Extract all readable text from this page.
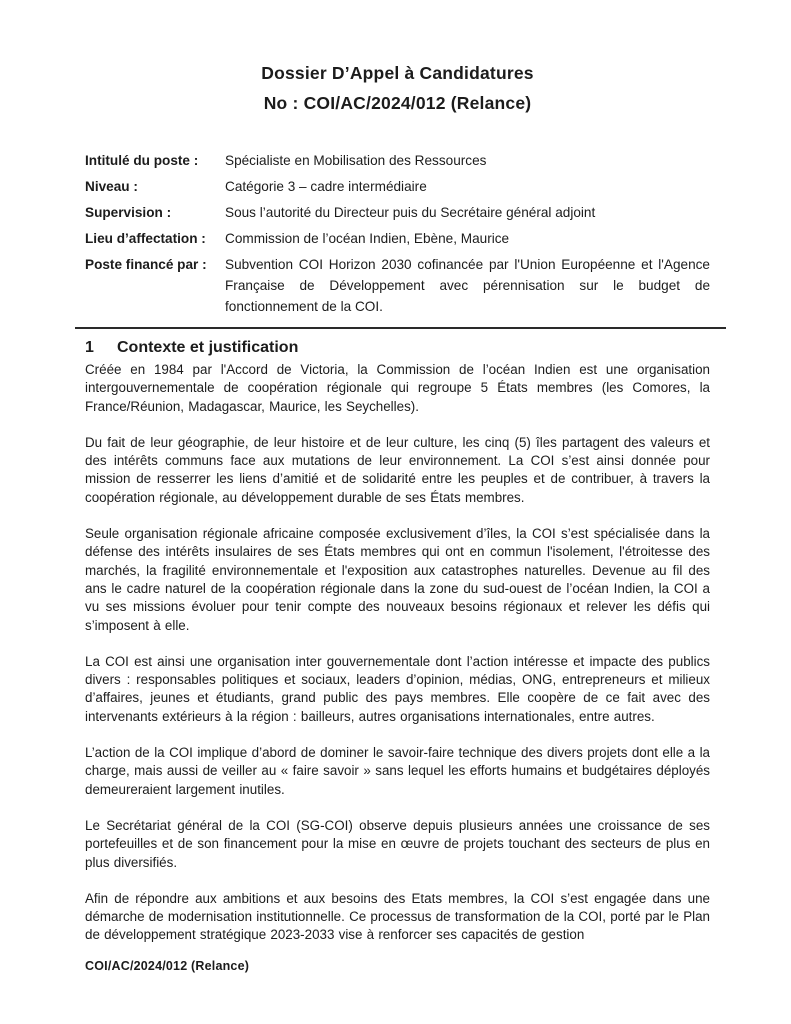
Dossier D’Appel à Candidatures
No : COI/AC/2024/012 (Relance)
Intitulé du poste :	Spécialiste en Mobilisation des Ressources
Niveau :	Catégorie 3 – cadre intermédiaire
Supervision :	Sous l’autorité du Directeur puis du Secrétaire général adjoint
Lieu d’affectation :	Commission de l’océan Indien, Ebène, Maurice
Poste financé par :	Subvention COI Horizon 2030 cofinancée par l'Union Européenne et l'Agence Française de Développement avec pérennisation sur le budget de fonctionnement de la COI.
1 Contexte et justification

Créée en 1984 par l'Accord de Victoria, la Commission de l’océan Indien est une organisation intergouvernementale de coopération régionale qui regroupe 5 États membres (les Comores, la France/Réunion, Madagascar, Maurice, les Seychelles).

Du fait de leur géographie, de leur histoire et de leur culture, les cinq (5) îles partagent des valeurs et des intérêts communs face aux mutations de leur environnement. La COI s’est ainsi donnée pour mission de resserrer les liens d’amitié et de solidarité entre les peuples et de contribuer, à travers la coopération régionale, au développement durable de ses États membres.

Seule organisation régionale africaine composée exclusivement d’îles, la COI s’est spécialisée dans la défense des intérêts insulaires de ses États membres qui ont en commun l'isolement, l'étroitesse des marchés, la fragilité environnementale et l'exposition aux catastrophes naturelles. Devenue au fil des ans le cadre naturel de la coopération régionale dans la zone du sud-ouest de l’océan Indien, la COI a vu ses missions évoluer pour tenir compte des nouveaux besoins régionaux et relever les défis qui s’imposent à elle.

La COI est ainsi une organisation inter gouvernementale dont l’action intéresse et impacte des publics divers : responsables politiques et sociaux, leaders d’opinion, médias, ONG, entrepreneurs et milieux d’affaires, jeunes et étudiants, grand public des pays membres. Elle coopère de ce fait avec des intervenants extérieurs à la région : bailleurs, autres organisations internationales, entre autres.

L’action de la COI implique d’abord de dominer le savoir-faire technique des divers projets dont elle a la charge, mais aussi de veiller au « faire savoir » sans lequel les efforts humains et budgétaires déployés demeureraient largement inutiles.

Le Secrétariat général de la COI (SG-COI) observe depuis plusieurs années une croissance de ses portefeuilles et de son financement pour la mise en œuvre de projets touchant des secteurs de plus en plus diversifiés.

Afin de répondre aux ambitions et aux besoins des Etats membres, la COI s’est engagée dans une démarche de modernisation institutionnelle. Ce processus de transformation de la COI, porté par le Plan de développement stratégique 2023-2033 vise à renforcer ses capacités de gestion

COI/AC/2024/012 (Relance)
